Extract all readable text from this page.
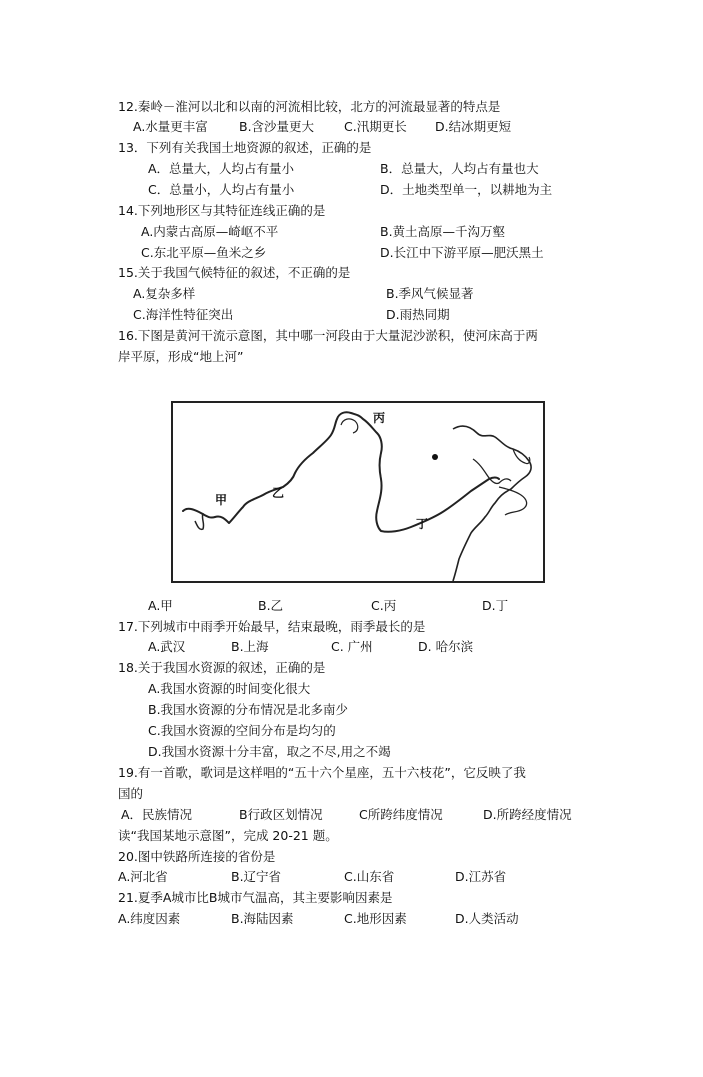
12.秦岭－淮河以北和以南的河流相比较，北方的河流最显著的特点是
A.水量更丰富 B.含沙量更大 C.汛期更长 D.结冰期更短
13．下列有关我国土地资源的叙述，正确的是
A．总量大，人均占有量小	B．总量大，人均占有量也大
C．总量小，人均占有量小	D．土地类型单一，以耕地为主
14.下列地形区与其特征连线正确的是
A.内蒙古高原—崎岖不平	B.黄土高原—千沟万壑
C.东北平原—鱼米之乡	D.长江中下游平原—肥沃黑土
15.关于我国气候特征的叙述，不正确的是
A.复杂多样	B.季风气候显著
C.海洋性特征突出	D.雨热同期
16.下图是黄河干流示意图，其中哪一河段由于大量泥沙淤积，使河床高于两
岸平原，形成“地上河”
甲	乙
丙
丁
A.甲	B.乙	C.丙	D.丁
17.下列城市中雨季开始最早，结束最晚，雨季最长的是
A.武汉	B.上海	C. 广州	D. 哈尔滨
18.关于我国水资源的叙述，正确的是
A.我国水资源的时间变化很大
B.我国水资源的分布情况是北多南少
C.我国水资源的空间分布是均匀的
D.我国水资源十分丰富，取之不尽,用之不竭
19.有一首歌，歌词是这样唱的“五十六个星座，五十六枝花”，它反映了我
国的
A．民族情况	B行政区划情况	C所跨纬度情况	D.所跨经度情况
读“我国某地示意图”，完成 20-21 题。
20.图中铁路所连接的省份是
A.河北省	B.辽宁省	C.山东省	D.江苏省
21.夏季A城市比B城市气温高，其主要影响因素是
A.纬度因素	B.海陆因素	C.地形因素	D.人类活动
